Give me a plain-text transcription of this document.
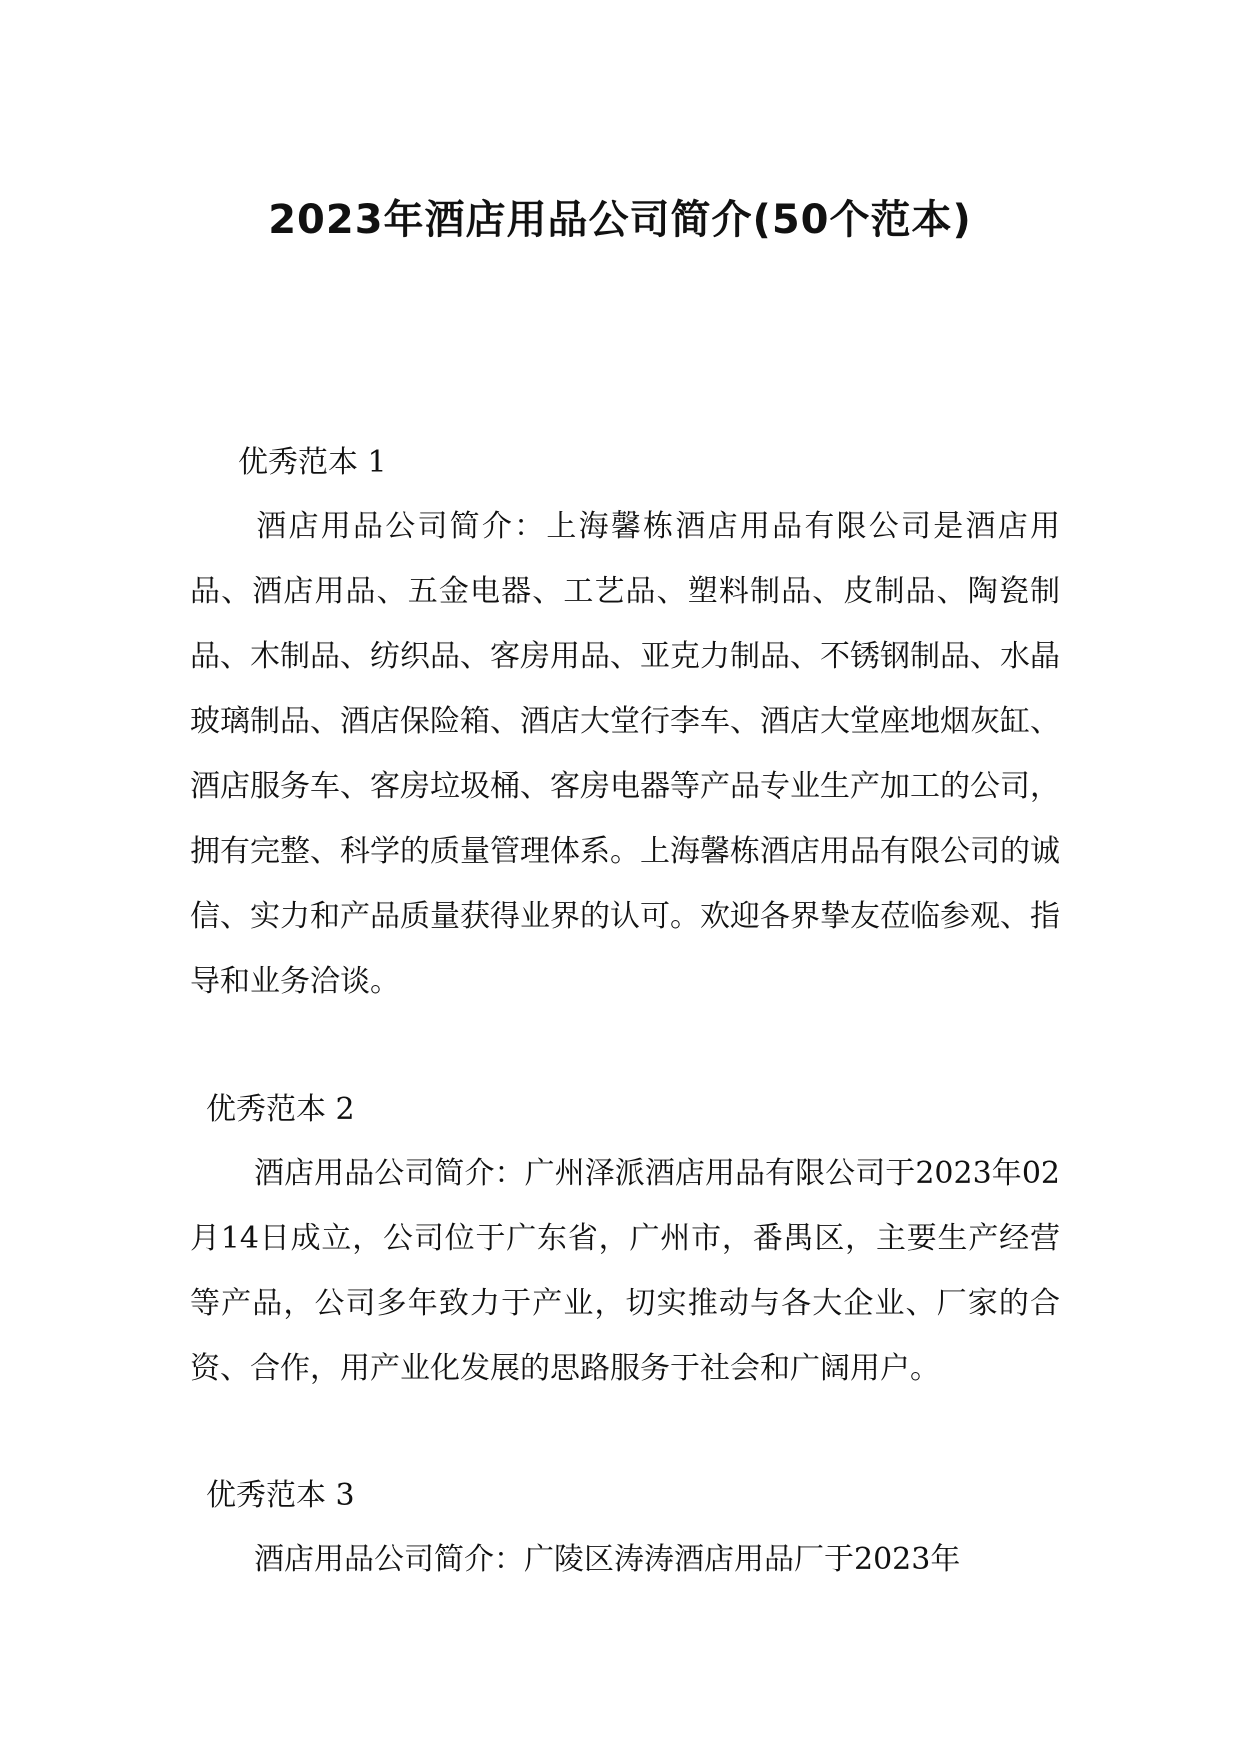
2023年酒店用品公司简介(50个范本)
优秀范本 1

酒店用品公司简介：上海馨栋酒店用品有限公司是酒店用品、酒店用品、五金电器、工艺品、塑料制品、皮制品、陶瓷制品、木制品、纺织品、客房用品、亚克力制品、不锈钢制品、水晶玻璃制品、酒店保险箱、酒店大堂行李车、酒店大堂座地烟灰缸、酒店服务车、客房垃圾桶、客房电器等产品专业生产加工的公司，拥有完整、科学的质量管理体系。上海馨栋酒店用品有限公司的诚信、实力和产品质量获得业界的认可。欢迎各界挚友莅临参观、指导和业务洽谈。

优秀范本 2

酒店用品公司简介：广州泽派酒店用品有限公司于2023年02月14日成立，公司位于广东省，广州市，番禺区，主要生产经营等产品，公司多年致力于产业，切实推动与各大企业、厂家的合资、合作，用产业化发展的思路服务于社会和广阔用户。

优秀范本 3

酒店用品公司简介：广陵区涛涛酒店用品厂于2023年
